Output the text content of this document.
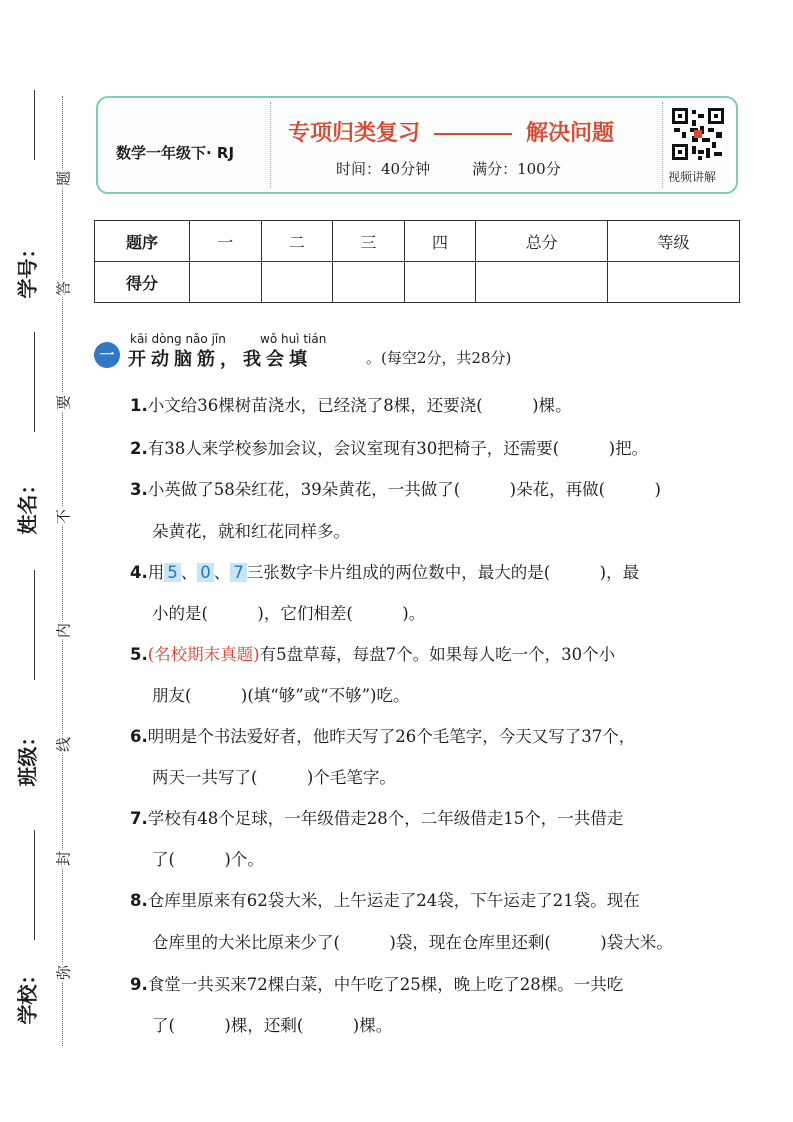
学号：
姓名：
班级：
学校：
题
答
要
不
内
线
封
弥
数学一年级下· RJ
专项归类复习	解决问题
时间：40分钟	满分：100分	视频讲解
题序	一	二	三	四	总分	等级
得分						
一
kāi dòng nǎo jīn	wǒ huì tián
开动脑筋，我会填	。(每空2分，共28分)
1.小文给36棵树苗浇水，已经浇了8棵，还要浇(　　　)棵。
2.有38人来学校参加会议，会议室现有30把椅子，还需要(　　　)把。
3.小英做了58朵红花，39朵黄花，一共做了(　　　)朵花，再做(　　　)
朵黄花，就和红花同样多。
4.用 5 、 0 、 7 三张数字卡片组成的两位数中，最大的是(　　　)，最
小的是(　　　)，它们相差(　　　)。
5.(名校期末真题)有5盘草莓，每盘7个。如果每人吃一个，30个小
朋友(　　　)(填“够”或“不够”)吃。
6.明明是个书法爱好者，他昨天写了26个毛笔字，今天又写了37个，
两天一共写了(　　　)个毛笔字。
7.学校有48个足球，一年级借走28个，二年级借走15个，一共借走
了(　　　)个。
8.仓库里原来有62袋大米，上午运走了24袋，下午运走了21袋。现在
仓库里的大米比原来少了(　　　)袋，现在仓库里还剩(　　　)袋大米。
9.食堂一共买来72棵白菜，中午吃了25棵，晚上吃了28棵。一共吃
了(　　　)棵，还剩(　　　)棵。
